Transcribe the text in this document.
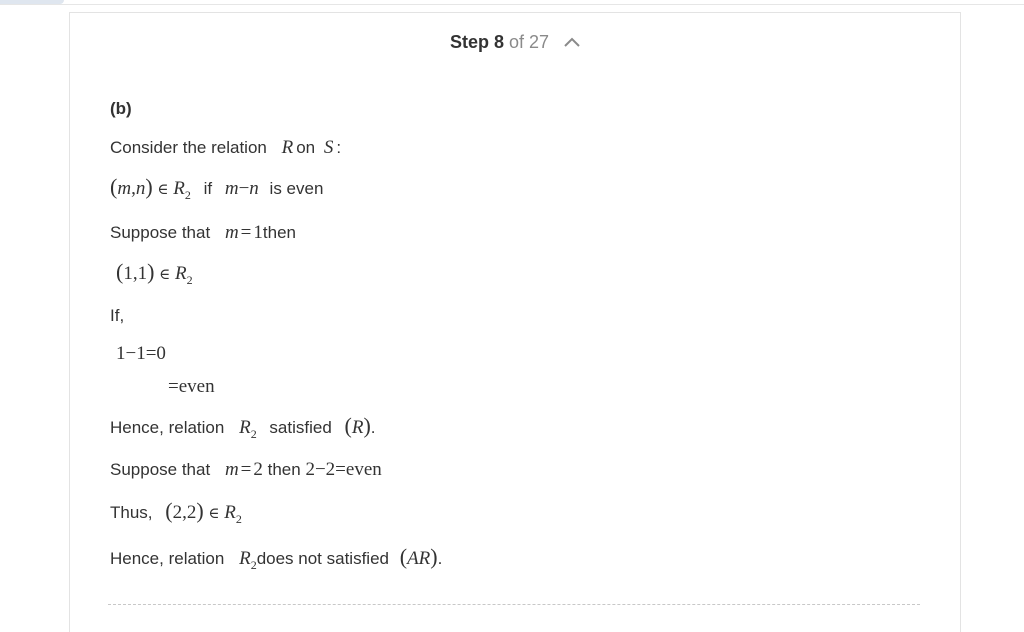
Step 8 of 27
(b)
Consider the relation R on S :
(m,n) ∈ $R_2$ if m−n is even
Suppose that m = 1then
(1,1) ∈ $R_2$
If,
1−1=0
=even
Hence, relation $R_2$ satisfied (R).
Suppose that m = 2 then 2−2=even
Thus, (2,2) ∈ $R_2$
Hence, relation $R_2does$ not satisfied (AR).
